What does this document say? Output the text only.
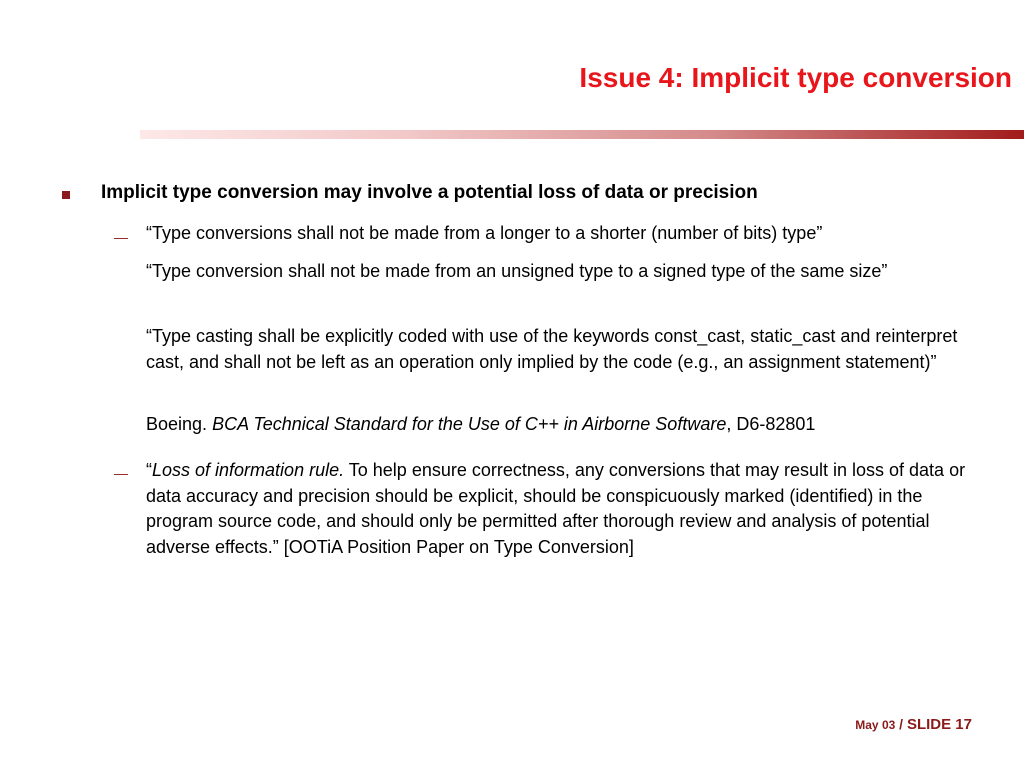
Issue 4: Implicit type conversion
Implicit type conversion may involve a potential loss of data or precision
— “Type conversions shall not be made from a longer to a shorter (number of bits) type”
“Type conversion shall not be made from an unsigned type to a signed type of the same size”
“Type casting shall be explicitly coded with use of the keywords const_cast, static_cast and reinterpret cast, and shall not be left as an operation only implied by the code (e.g., an assignment statement)”
Boeing. BCA Technical Standard for the Use of C++ in Airborne Software, D6-82801
— “Loss of information rule. To help ensure correctness, any conversions that may result in loss of data or data accuracy and precision should be explicit, should be conspicuously marked (identified) in the program source code, and should only be permitted after thorough review and analysis of potential adverse effects.” [OOTiA Position Paper on Type Conversion]
May 03 / SLIDE 17
